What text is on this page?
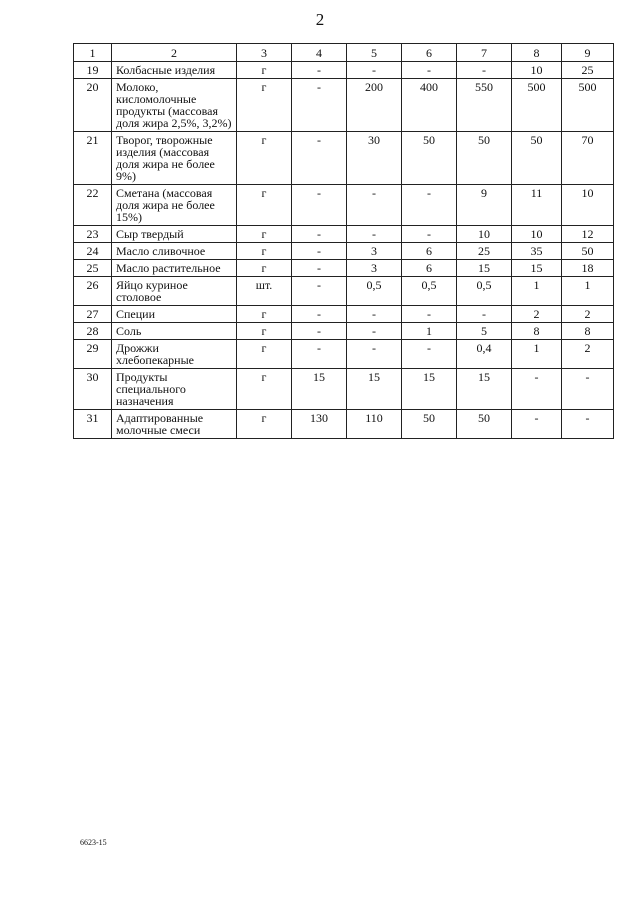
2
1	2	3	4	5	6	7	8	9
19	Колбасные изделия	г	-	-	-	-	10	25
20	Молоко, кисломолочные продукты (массовая доля жира 2,5%, 3,2%)	г	-	200	400	550	500	500
21	Творог, творожные изделия (массовая доля жира не более 9%)	г	-	30	50	50	50	70
22	Сметана (массовая доля жира не более 15%)	г	-	-	-	9	11	10
23	Сыр твердый	г	-	-	-	10	10	12
24	Масло сливочное	г	-	3	6	25	35	50
25	Масло растительное	г	-	3	6	15	15	18
26	Яйцо куриное столовое	шт.	-	0,5	0,5	0,5	1	1
27	Специи	г	-	-	-	-	2	2
28	Соль	г	-	-	1	5	8	8
29	Дрожжи хлебопекарные	г	-	-	-	0,4	1	2
30	Продукты специального назначения	г	15	15	15	15	-	-
31	Адаптированные молочные смеси	г	130	110	50	50	-	-
6623-15
